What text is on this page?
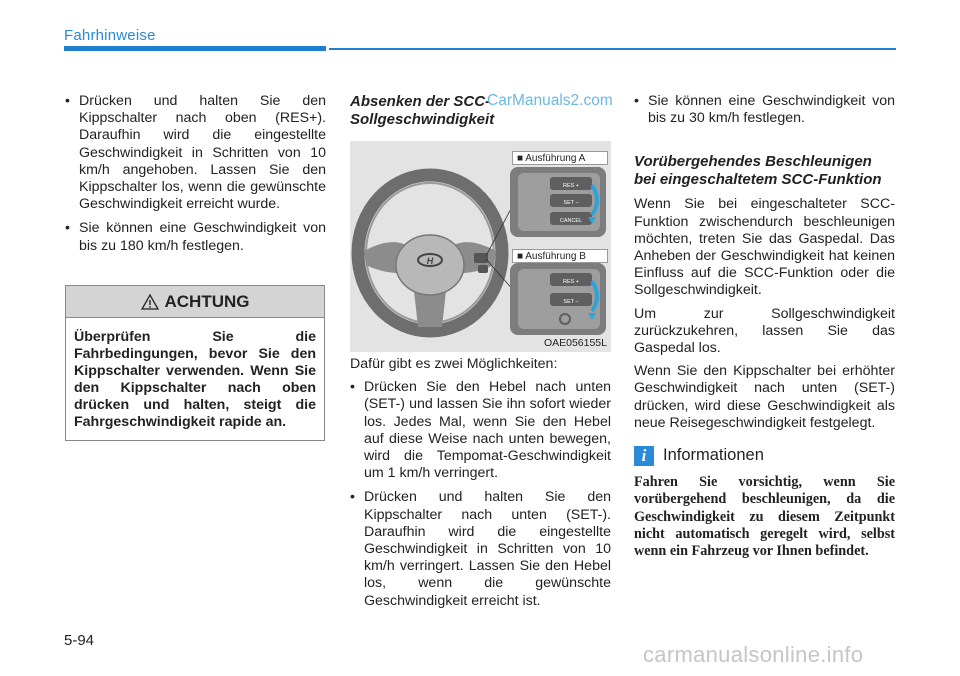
Fahrhinweise
• Drücken und halten Sie den Kippschalter nach oben (RES+). Daraufhin wird die eingestellte Geschwindigkeit in Schritten von 10 km/h angehoben. Lassen Sie den Kippschalter los, wenn die gewünschte Geschwindigkeit erreicht wurde.
• Sie können eine Geschwindigkeit von bis zu 180 km/h festlegen.
ACHTUNG
Überprüfen Sie die Fahrbedingungen, bevor Sie den Kippschalter verwenden. Wenn Sie den Kippschalter nach oben drücken und halten, steigt die Fahrgeschwindigkeit rapide an.
Absenken der SCC-Sollgeschwindigkeit
CarManuals2.com
H
RES +
SET –
CANCEL
RES +
SET –
OAE056155L
■ Ausführung A
■ Ausführung B

Dafür gibt es zwei Möglichkeiten:

• Drücken Sie den Hebel nach unten (SET-) und lassen Sie ihn sofort wieder los. Jedes Mal, wenn Sie den Hebel auf diese Weise nach unten bewegen, wird die Tempomat-Geschwindigkeit um 1 km/h verringert.
• Drücken und halten Sie den Kippschalter nach unten (SET-). Daraufhin wird die eingestellte Geschwindigkeit in Schritten von 10 km/h verringert. Lassen Sie den Hebel los, wenn die gewünschte Geschwindigkeit erreicht ist.
• Sie können eine Geschwindigkeit von bis zu 30 km/h festlegen.
Vorübergehendes Beschleunigen bei eingeschaltetem SCC-Funktion

Wenn Sie bei eingeschalteter SCC-Funktion zwischendurch beschleunigen möchten, treten Sie das Gaspedal. Das Anheben der Geschwindigkeit hat keinen Einfluss auf die SCC-Funktion oder die Sollgeschwindigkeit.

Um zur Sollgeschwindigkeit zurückzukehren, lassen Sie das Gaspedal los.

Wenn Sie den Kippschalter bei erhöhter Geschwindigkeit nach unten (SET-) drücken, wird diese Geschwindigkeit als neue Reisegeschwindigkeit festgelegt.

i	Informationen

Fahren Sie vorsichtig, wenn Sie vorübergehend beschleunigen, da die Geschwindigkeit zu diesem Zeitpunkt nicht automatisch geregelt wird, selbst wenn ein Fahrzeug vor Ihnen befindet.

5-94
carmanualsonline.info
